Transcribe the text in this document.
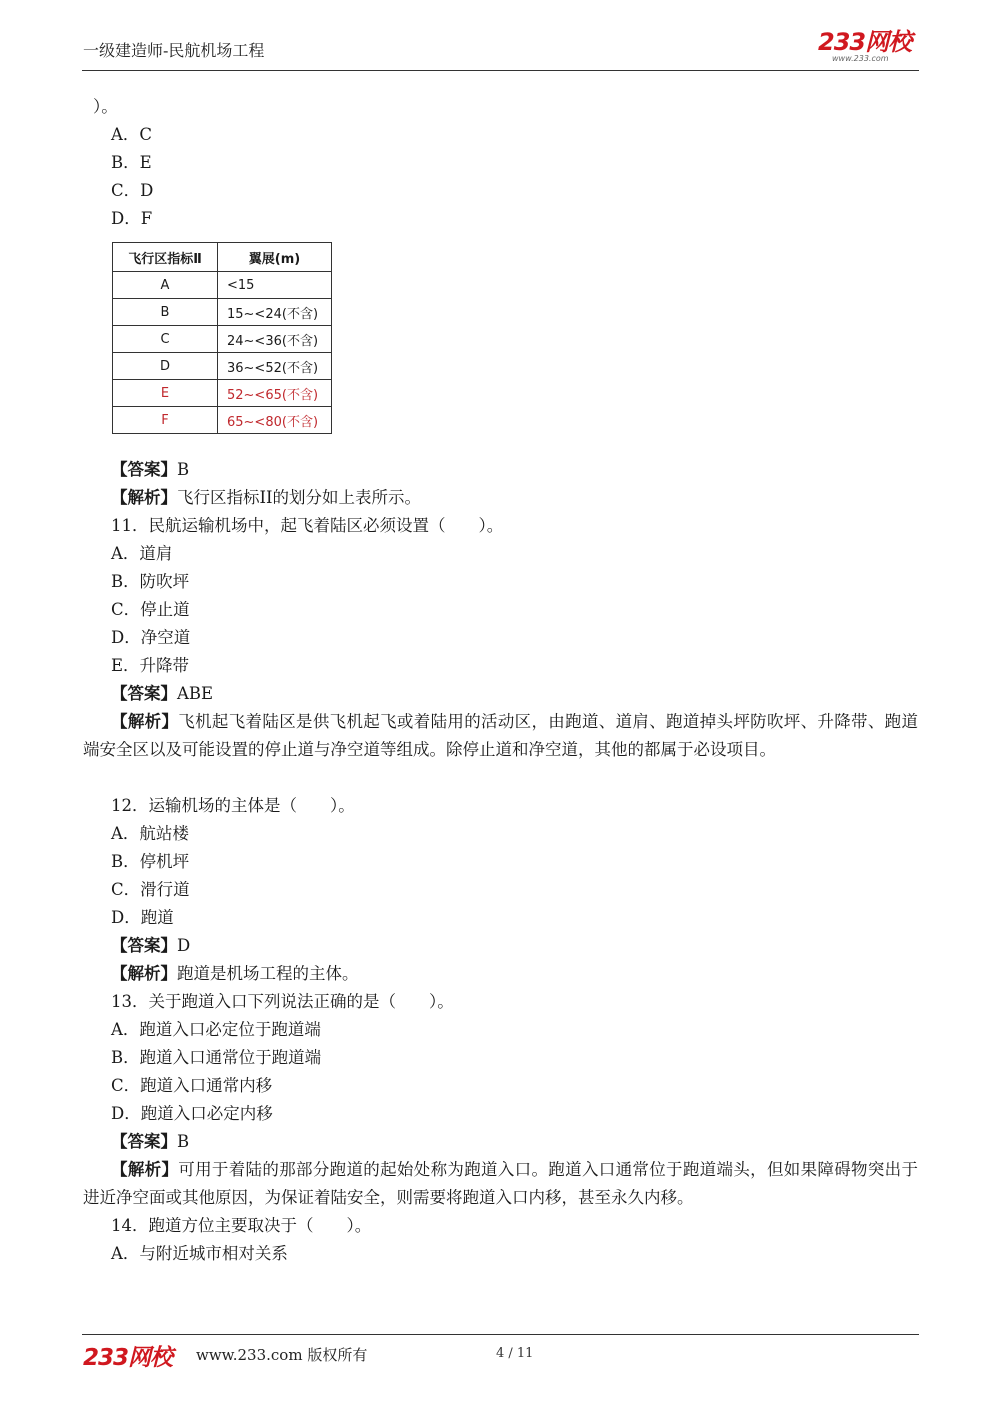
一级建造师-民航机场工程	233网校
www.233.com
）。
A．C
B．E
C．D
D．F
飞行区指标Ⅱ	翼展(m)
A	<15
B	15~<24(不含)
C	24~<36(不含)
D	36~<52(不含)
E	52~<65(不含)
F	65~<80(不含)
【答案】B
【解析】飞行区指标II的划分如上表所示。
11．民航运输机场中，起飞着陆区必须设置（　　）。
A．道肩
B．防吹坪
C．停止道
D．净空道
E．升降带
【答案】ABE
【解析】飞机起飞着陆区是供飞机起飞或着陆用的活动区，由跑道、道肩、跑道掉头坪防吹坪、升降带、跑道端安全区以及可能设置的停止道与净空道等组成。除停止道和净空道，其他的都属于必设项目。
12．运输机场的主体是（　　）。
A．航站楼
B．停机坪
C．滑行道
D．跑道
【答案】D
【解析】跑道是机场工程的主体。
13．关于跑道入口下列说法正确的是（　　）。
A．跑道入口必定位于跑道端
B．跑道入口通常位于跑道端
C．跑道入口通常内移
D．跑道入口必定内移
【答案】B
【解析】可用于着陆的那部分跑道的起始处称为跑道入口。跑道入口通常位于跑道端头，但如果障碍物突出于进近净空面或其他原因，为保证着陆安全，则需要将跑道入口内移，甚至永久内移。
14．跑道方位主要取决于（　　）。
A．与附近城市相对关系
233网校 www.233.com 版权所有	4 / 11
